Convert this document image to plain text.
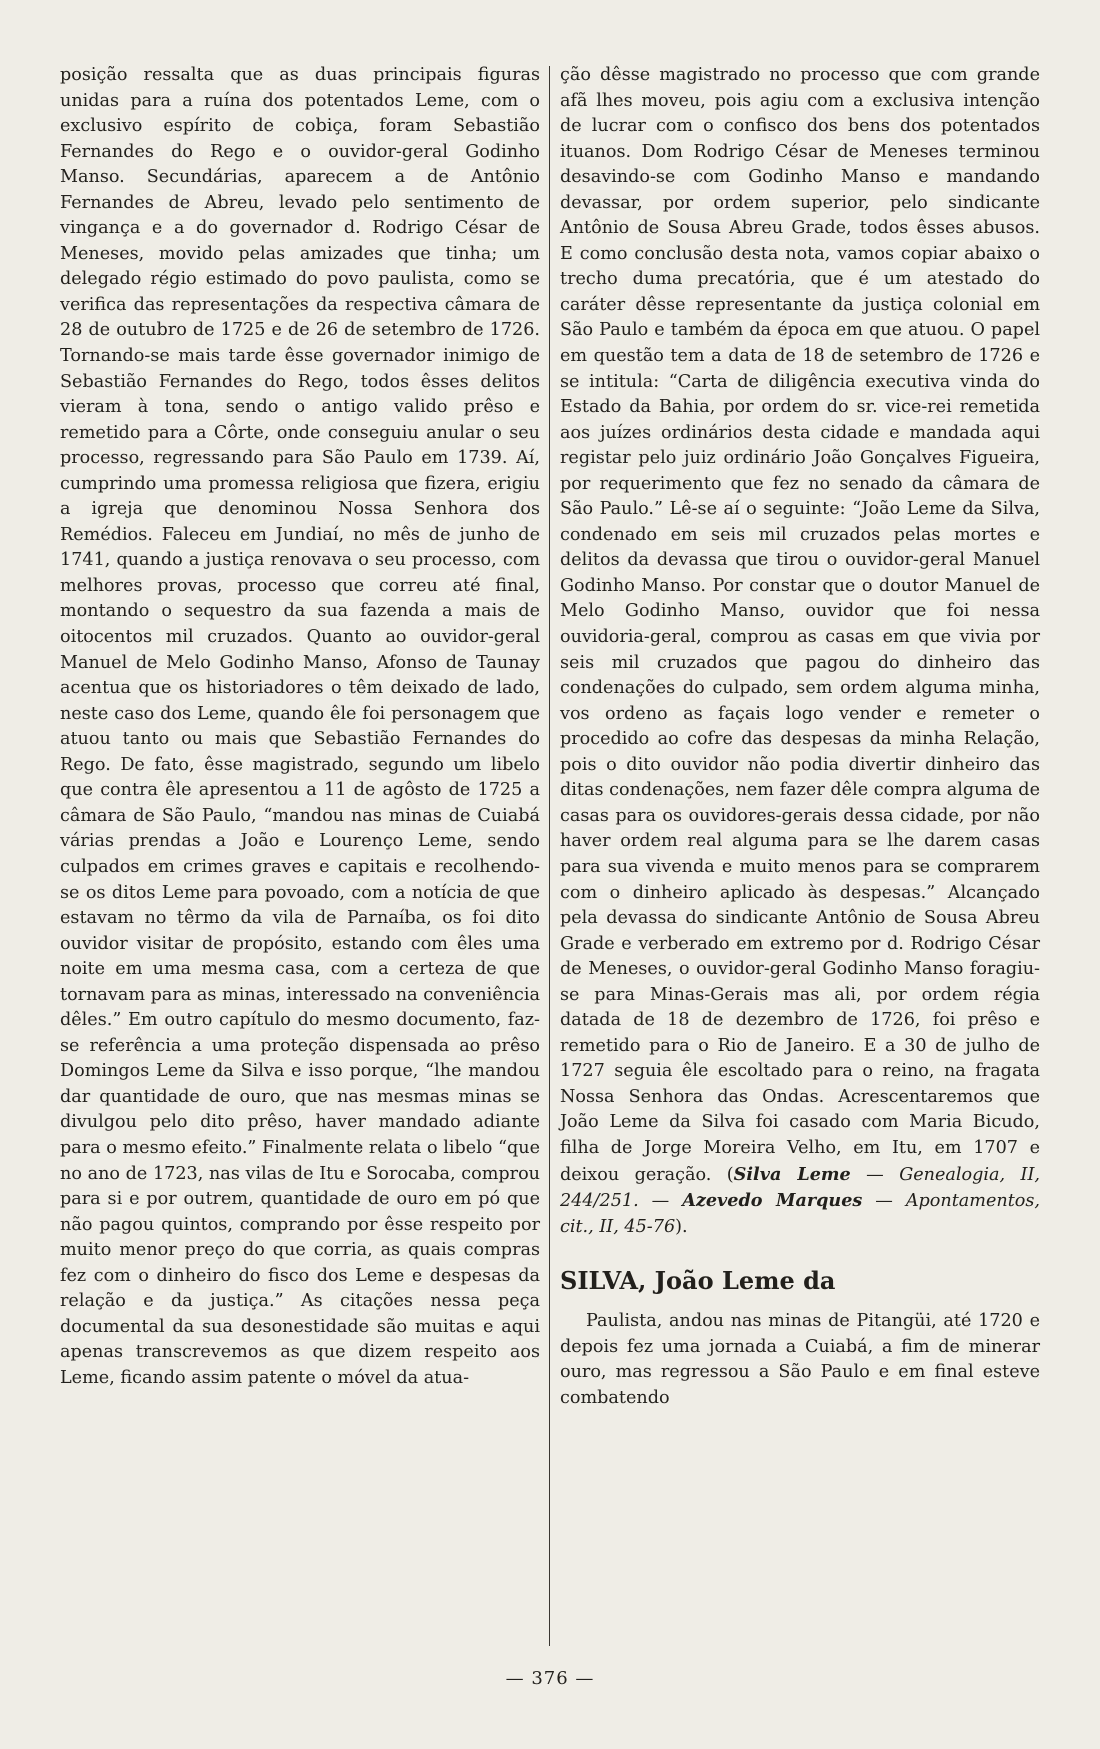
posição ressalta que as duas principais figuras unidas para a ruína dos potentados Leme, com o exclusivo espírito de cobiça, foram Sebastião Fernandes do Rego e o ouvidor-geral Godinho Manso. Secundárias, aparecem a de Antônio Fernandes de Abreu, levado pelo sentimento de vingança e a do governador d. Rodrigo César de Meneses, movido pelas amizades que tinha; um delegado régio estimado do povo paulista, como se verifica das representações da respectiva câmara de 28 de outubro de 1725 e de 26 de setembro de 1726. Tornando-se mais tarde êsse governador inimigo de Sebastião Fernandes do Rego, todos êsses delitos vieram à tona, sendo o antigo valido prêso e remetido para a Côrte, onde conseguiu anular o seu processo, regressando para São Paulo em 1739. Aí, cumprindo uma promessa religiosa que fizera, erigiu a igreja que denominou Nossa Senhora dos Remédios. Faleceu em Jundiaí, no mês de junho de 1741, quando a justiça renovava o seu processo, com melhores provas, processo que correu até final, montando o sequestro da sua fazenda a mais de oitocentos mil cruzados. Quanto ao ouvidor-geral Manuel de Melo Godinho Manso, Afonso de Taunay acentua que os historiadores o têm deixado de lado, neste caso dos Leme, quando êle foi personagem que atuou tanto ou mais que Sebastião Fernandes do Rego. De fato, êsse magistrado, segundo um libelo que contra êle apresentou a 11 de agôsto de 1725 a câmara de São Paulo, “mandou nas minas de Cuiabá várias prendas a João e Lourenço Leme, sendo culpados em crimes graves e capitais e recolhendo-se os ditos Leme para povoado, com a notícia de que estavam no têrmo da vila de Parnaíba, os foi dito ouvidor visitar de propósito, estando com êles uma noite em uma mesma casa, com a certeza de que tornavam para as minas, interessado na conveniência dêles.” Em outro capítulo do mesmo documento, faz-se referência a uma proteção dispensada ao prêso Domingos Leme da Silva e isso porque, “lhe mandou dar quantidade de ouro, que nas mesmas minas se divulgou pelo dito prêso, haver mandado adiante para o mesmo efeito.” Finalmente relata o libelo “que no ano de 1723, nas vilas de Itu e Sorocaba, comprou para si e por outrem, quantidade de ouro em pó que não pagou quintos, comprando por êsse respeito por muito menor preço do que corria, as quais compras fez com o dinheiro do fisco dos Leme e despesas da relação e da justiça.” As citações nessa peça documental da sua desonestidade são muitas e aqui apenas transcrevemos as que dizem respeito aos Leme, ficando assim patente o móvel da atua-

ção dêsse magistrado no processo que com grande afã lhes moveu, pois agiu com a exclusiva intenção de lucrar com o confisco dos bens dos potentados ituanos. Dom Rodrigo César de Meneses terminou desavindo-se com Godinho Manso e mandando devassar, por ordem superior, pelo sindicante Antônio de Sousa Abreu Grade, todos êsses abusos. E como conclusão desta nota, vamos copiar abaixo o trecho duma precatória, que é um atestado do caráter dêsse representante da justiça colonial em São Paulo e também da época em que atuou. O papel em questão tem a data de 18 de setembro de 1726 e se intitula: “Carta de diligência executiva vinda do Estado da Bahia, por ordem do sr. vice-rei remetida aos juízes ordinários desta cidade e mandada aqui registar pelo juiz ordinário João Gonçalves Figueira, por requerimento que fez no senado da câmara de São Paulo.” Lê-se aí o seguinte: “João Leme da Silva, condenado em seis mil cruzados pelas mortes e delitos da devassa que tirou o ouvidor-geral Manuel Godinho Manso. Por constar que o doutor Manuel de Melo Godinho Manso, ouvidor que foi nessa ouvidoria-geral, comprou as casas em que vivia por seis mil cruzados que pagou do dinheiro das condenações do culpado, sem ordem alguma minha, vos ordeno as façais logo vender e remeter o procedido ao cofre das despesas da minha Relação, pois o dito ouvidor não podia divertir dinheiro das ditas condenações, nem fazer dêle compra alguma de casas para os ouvidores-gerais dessa cidade, por não haver ordem real alguma para se lhe darem casas para sua vivenda e muito menos para se comprarem com o dinheiro aplicado às despesas.” Alcançado pela devassa do sindicante Antônio de Sousa Abreu Grade e verberado em extremo por d. Rodrigo César de Meneses, o ouvidor-geral Godinho Manso foragiu-se para Minas-Gerais mas ali, por ordem régia datada de 18 de dezembro de 1726, foi prêso e remetido para o Rio de Janeiro. E a 30 de julho de 1727 seguia êle escoltado para o reino, na fragata Nossa Senhora das Ondas. Acrescentaremos que João Leme da Silva foi casado com Maria Bicudo, filha de Jorge Moreira Velho, em Itu, em 1707 e deixou geração. (Silva Leme — Genealogia, II, 244/251. — Azevedo Marques — Apontamentos, cit., II, 45-76).

SILVA, João Leme da

Paulista, andou nas minas de Pitangüi, até 1720 e depois fez uma jornada a Cuiabá, a fim de minerar ouro, mas regressou a São Paulo e em final esteve combatendo

— 376 —
